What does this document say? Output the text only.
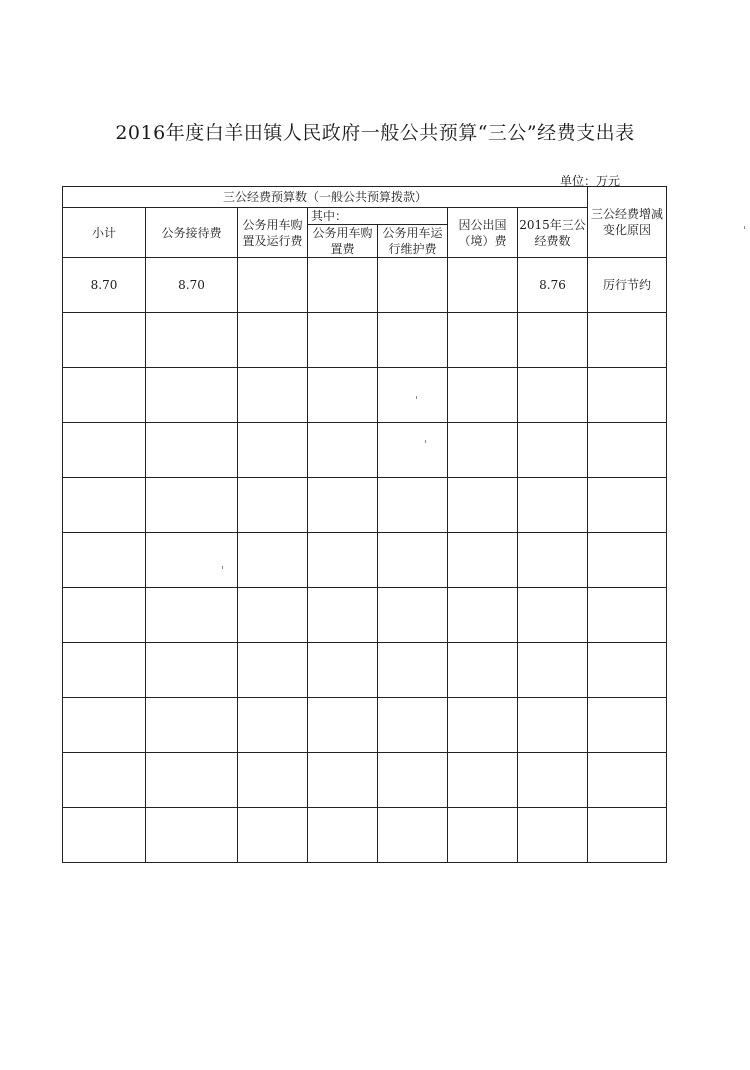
2016年度白羊田镇人民政府一般公共预算“三公”经费支出表
单位：万元
三公经费预算数（一般公共预算拨款）							三公经费增减变化原因
小计	公务接待费	公务用车购置及运行费	其中：		因公出国（境）费	2015年三公经费数	
			公务用车购置费	公务用车运行维护费			
8.70	8.70					8.76	厉行节约
